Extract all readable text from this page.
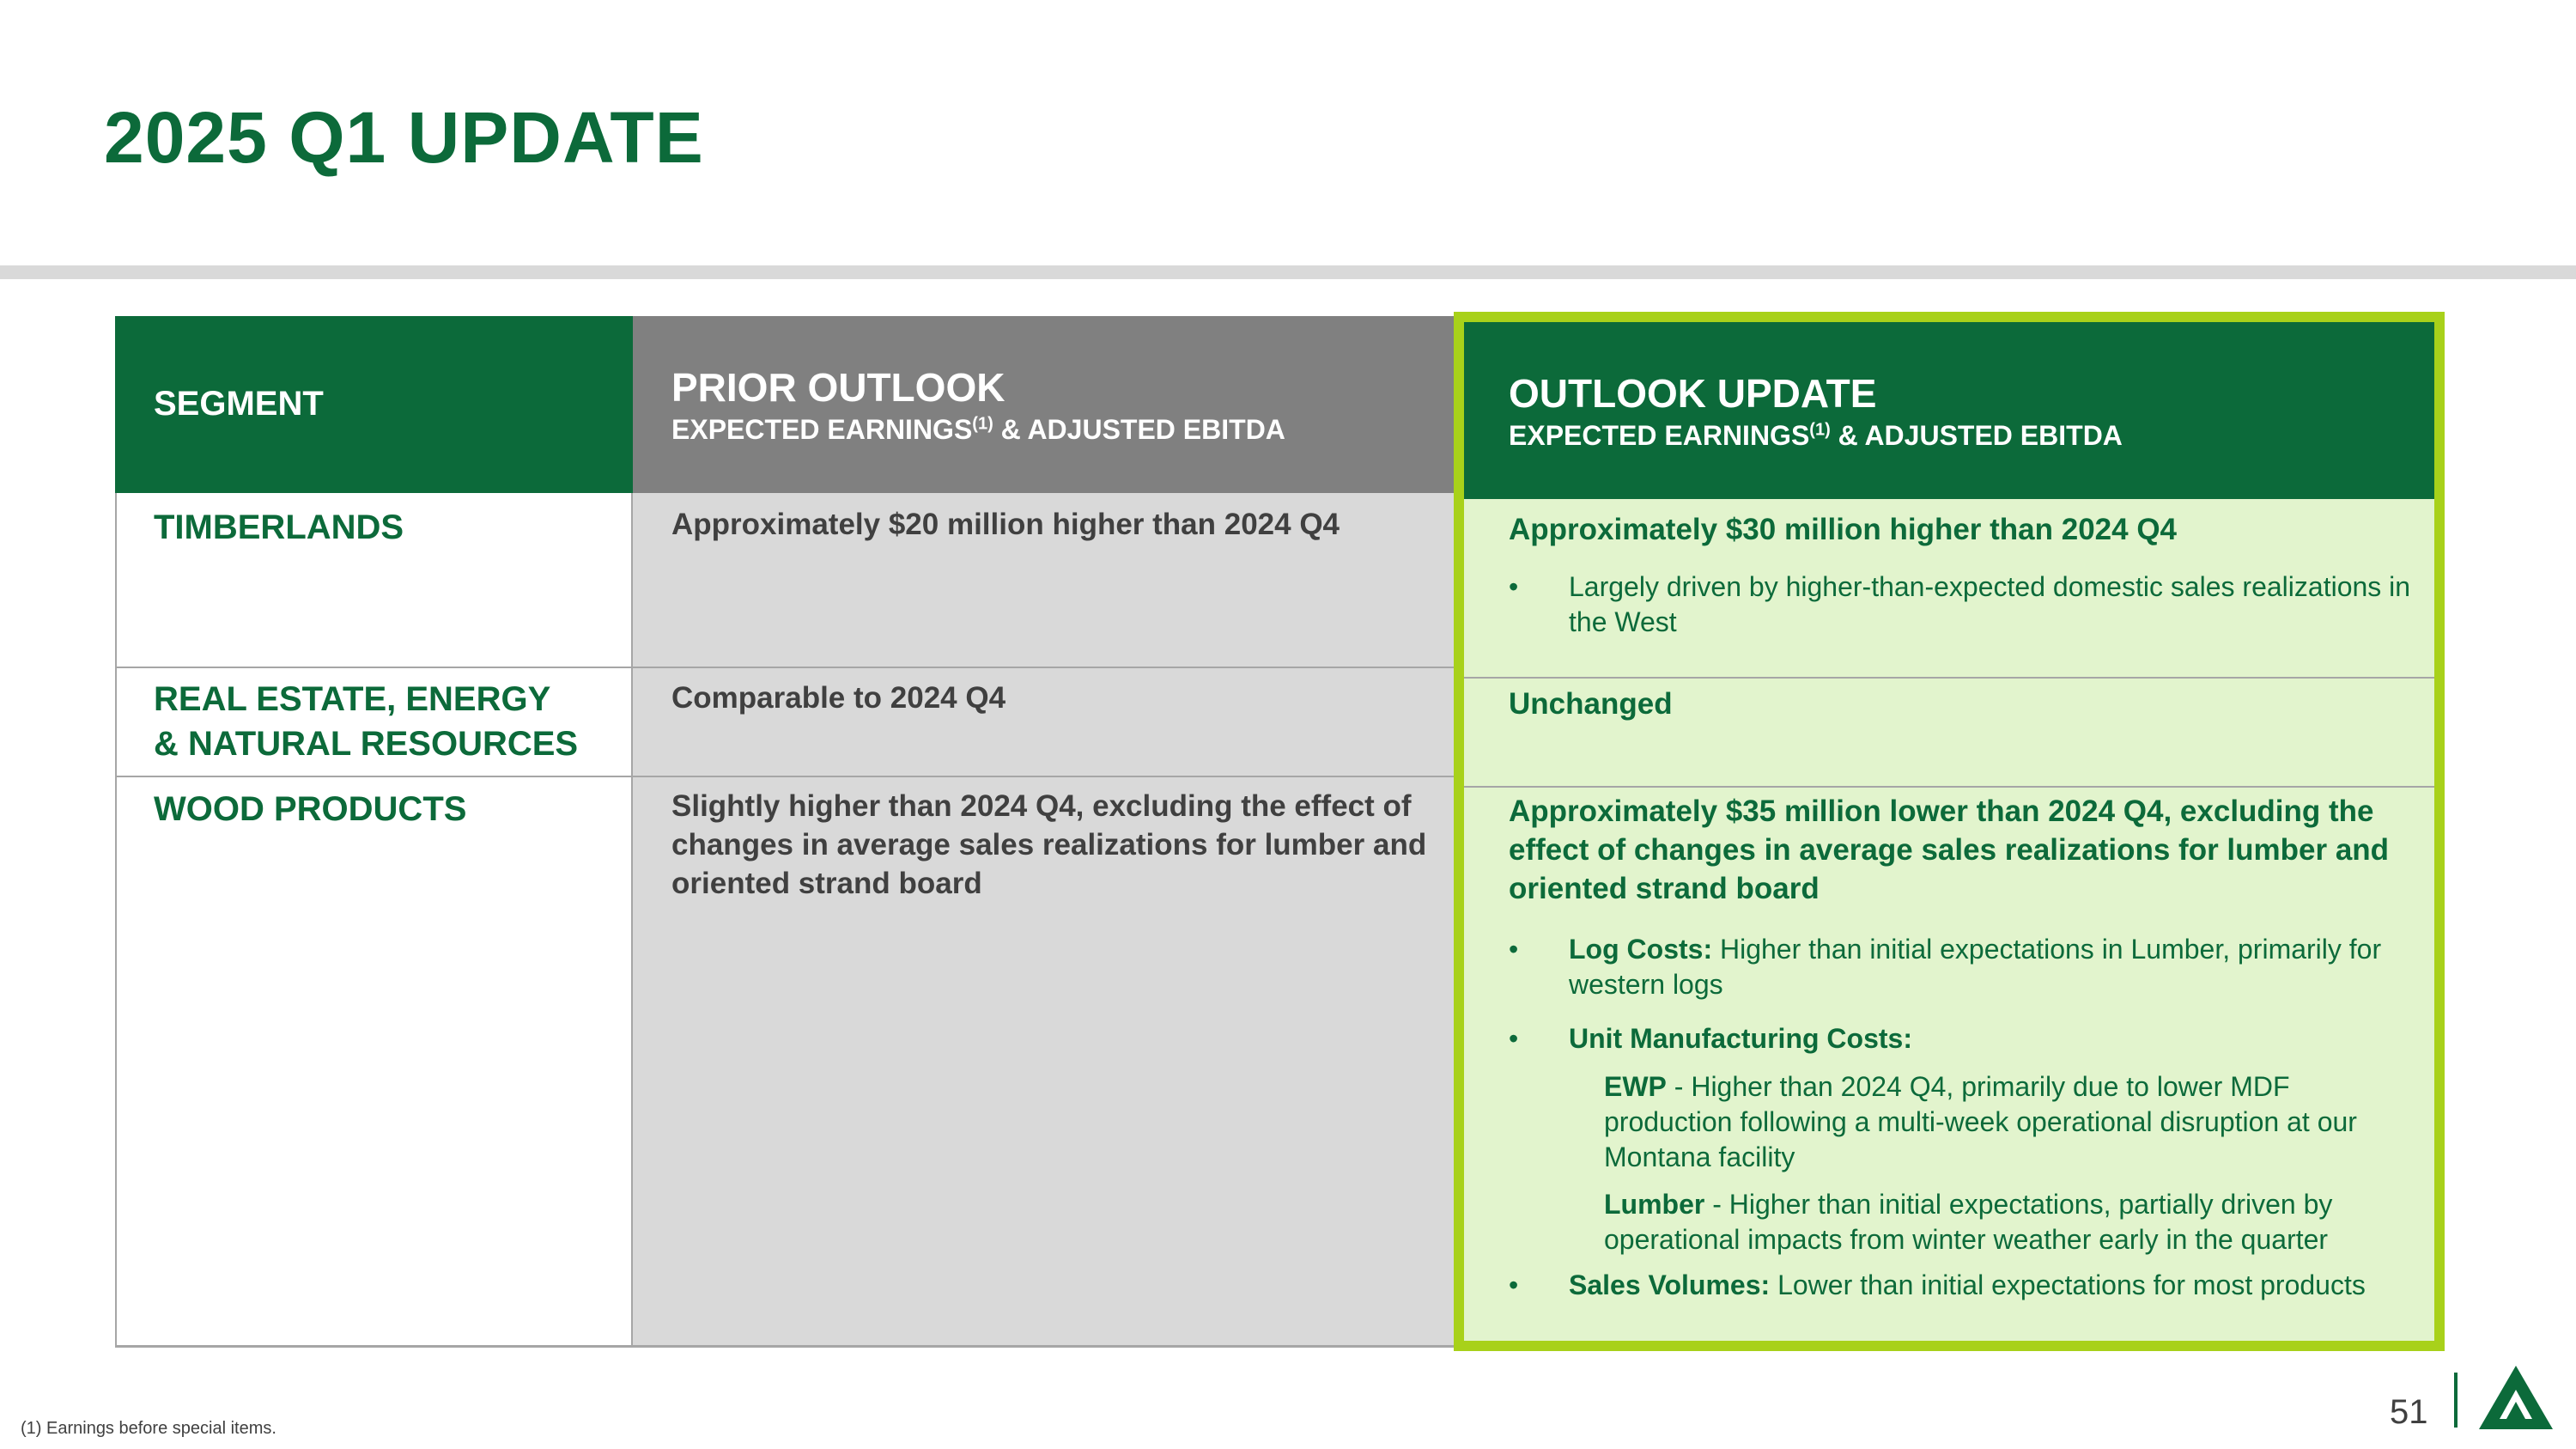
2025 Q1 UPDATE
SEGMENT	PRIOR OUTLOOK
EXPECTED EARNINGS$^{(1)}$ & ADJUSTED EBITDA
TIMBERLANDS
REAL ESTATE, ENERGY
& NATURAL RESOURCES
WOOD PRODUCTS
Approximately $20 million higher than 2024 Q4
Comparable to 2024 Q4
Slightly higher than 2024 Q4, excluding the effect of changes in average sales realizations for lumber and oriented strand board
OUTLOOK UPDATE
EXPECTED EARNINGS$^{(1)}$ & ADJUSTED EBITDA
Approximately $30 million higher than 2024 Q4
• Largely driven by higher-than-expected domestic sales realizations in the West
Unchanged
Approximately $35 million lower than 2024 Q4, excluding the effect of changes in average sales realizations for lumber and oriented strand board
• Log Costs: Higher than initial expectations in Lumber, primarily for western logs
• Unit Manufacturing Costs:
EWP - Higher than 2024 Q4, primarily due to lower MDF production following a multi-week operational disruption at our Montana facility
Lumber - Higher than initial expectations, partially driven by operational impacts from winter weather early in the quarter
• Sales Volumes: Lower than initial expectations for most products
(1) Earnings before special items.	51
